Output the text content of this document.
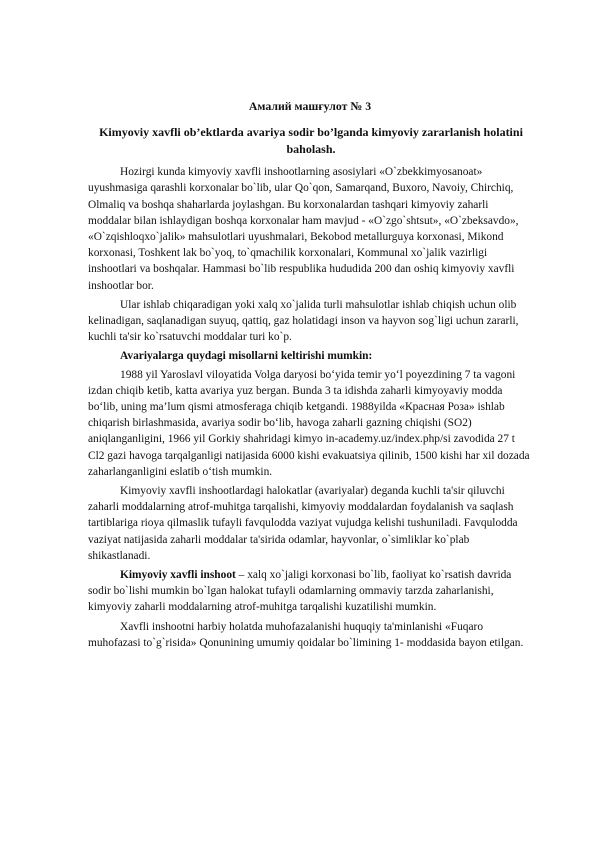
Амалий машғулот № 3
Kimyoviy xavfli ob’ektlarda avariya sodir bo’lganda kimyoviy zararlanish holatini baholash.

Hozirgi kunda kimyoviy xavfli inshootlarning asosiylari «O`zbekkimyosanoat» uyushmasiga qarashli korxonalar bo`lib, ular Qo`qon, Samarqand, Buxoro, Navoiy, Chirchiq, Olmaliq va boshqa shaharlarda joylashgan. Bu korxonalardan tashqari kimyoviy zaharli moddalar bilan ishlaydigan boshqa korxonalar ham mavjud - «O`zgo`shtsut», «O`zbeksavdo», «O`zqishloqxo`jalik» mahsulotlari uyushmalari, Bekobod metallurguya korxonasi, Mikond korxonasi, Toshkent lak bo`yoq, to`qmachilik korxonalari, Kommunal xo`jalik vazirligi inshootlari va boshqalar. Hammasi bo`lib respublika hududida 200 dan oshiq kimyoviy xavfli inshootlar bor.

Ular ishlab chiqaradigan yoki xalq xo`jalida turli mahsulotlar ishlab chiqish uchun olib kelinadigan, saqlanadigan suyuq, qattiq, gaz holatidagi inson va hayvon sog`ligi uchun zararli, kuchli ta'sir ko`rsatuvchi moddalar turi ko`p.

Avariyalarga quydagi misollarni keltirishi mumkin:

1988 yil Yaroslavl viloyatida Volga daryosi bo‘yida temir yo‘l poyezdining 7 ta vagoni izdan chiqib ketib, katta avariya yuz bergan. Bunda 3 ta idishda zaharli kimyoyaviy modda bo‘lib, uning ma’lum qismi atmosferaga chiqib ketgandi. 1988yilda «Красная Роза» ishlab chiqarish birlashmasida, avariya sodir bo‘lib, havoga zaharli gazning chiqishi (SO2) aniqlanganligini, 1966 yil Gorkiy shahridagi kimyo in-academy.uz/index.php/si zavodida 27 t Cl2 gazi havoga tarqalganligi natijasida 6000 kishi evakuatsiya qilinib, 1500 kishi har xil dozada zaharlanganligini eslatib o‘tish mumkin.

Kimyoviy xavfli inshootlardagi halokatlar (avariyalar) deganda kuchli ta'sir qiluvchi zaharli moddalarning atrof-muhitga tarqalishi, kimyoviy moddalardan foydalanish va saqlash tartiblariga rioya qilmaslik tufayli favqulodda vaziyat vujudga kelishi tushuniladi. Favqulodda vaziyat natijasida zaharli moddalar ta'sirida odamlar, hayvonlar, o`simliklar ko`plab shikastlanadi.

Kimyoviy xavfli inshoot – xalq xo`jaligi korxonasi bo`lib, faoliyat ko`rsatish davrida sodir bo`lishi mumkin bo`lgan halokat tufayli odamlarning ommaviy tarzda zaharlanishi, kimyoviy zaharli moddalarning atrof-muhitga tarqalishi kuzatilishi mumkin.

Xavfli inshootni harbiy holatda muhofazalanishi huquqiy ta'minlanishi «Fuqaro muhofazasi to`g`risida» Qonunining umumiy qoidalar bo`limining 1- moddasida bayon etilgan.
